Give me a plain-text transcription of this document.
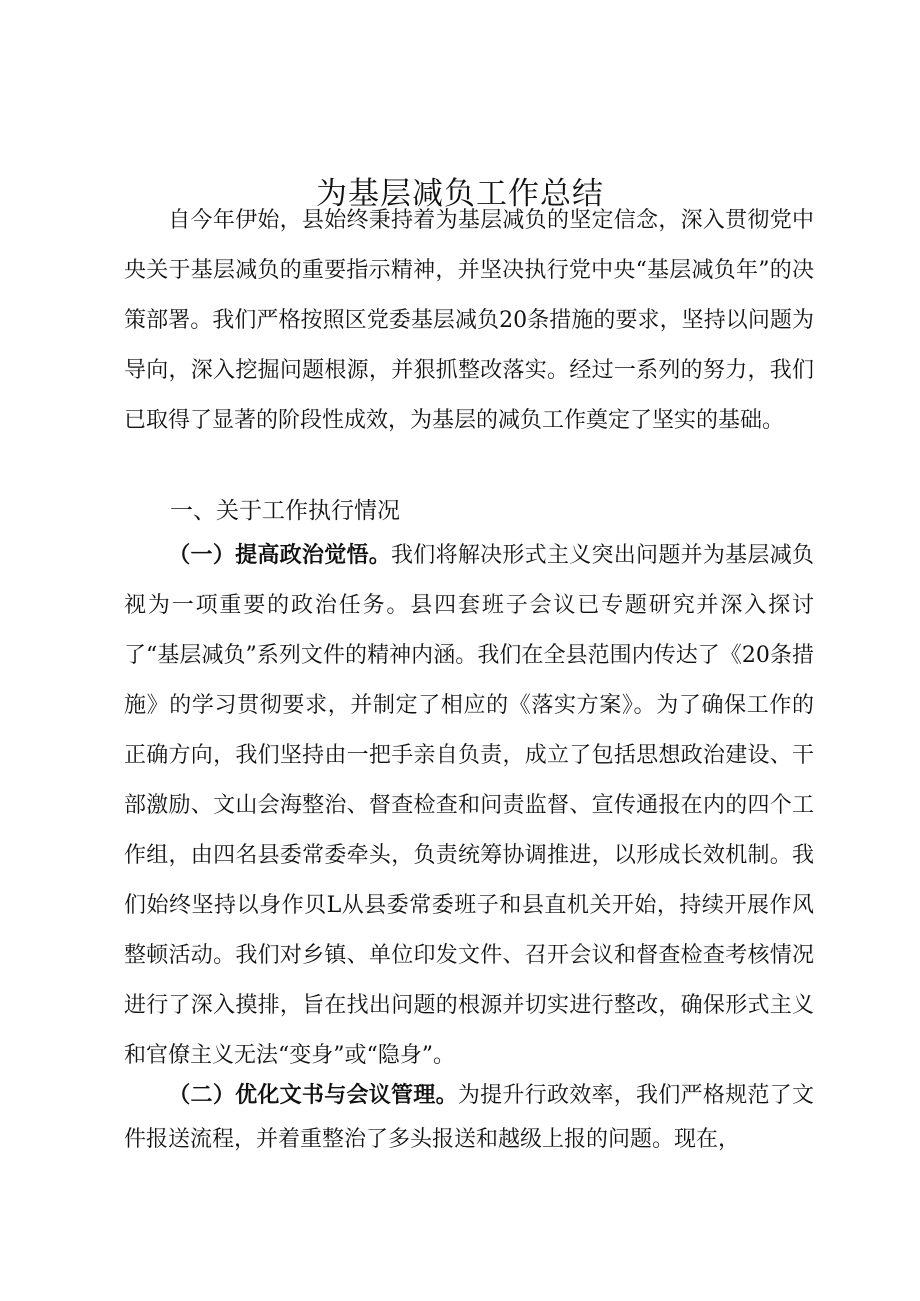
为基层减负工作总结

自今年伊始，县始终秉持着为基层减负的坚定信念，深入贯彻党中央关于基层减负的重要指示精神，并坚决执行党中央“基层减负年”的决策部署。我们严格按照区党委基层减负20条措施的要求，坚持以问题为导向，深入挖掘问题根源，并狠抓整改落实。经过一系列的努力，我们已取得了显著的阶段性成效，为基层的减负工作奠定了坚实的基础。

一、关于工作执行情况

（一）提高政治觉悟。我们将解决形式主义突出问题并为基层减负视为一项重要的政治任务。县四套班子会议已专题研究并深入探讨了“基层减负”系列文件的精神内涵。我们在全县范围内传达了《20条措施》的学习贯彻要求，并制定了相应的《落实方案》。为了确保工作的正确方向，我们坚持由一把手亲自负责，成立了包括思想政治建设、干部激励、文山会海整治、督查检查和问责监督、宣传通报在内的四个工作组，由四名县委常委牵头，负责统筹协调推进，以形成长效机制。我们始终坚持以身作贝L从县委常委班子和县直机关开始，持续开展作风整顿活动。我们对乡镇、单位印发文件、召开会议和督查检查考核情况进行了深入摸排，旨在找出问题的根源并切实进行整改，确保形式主义和官僚主义无法“变身”或“隐身”。

（二）优化文书与会议管理。为提升行政效率，我们严格规范了文件报送流程，并着重整治了多头报送和越级上报的问题。现在，
